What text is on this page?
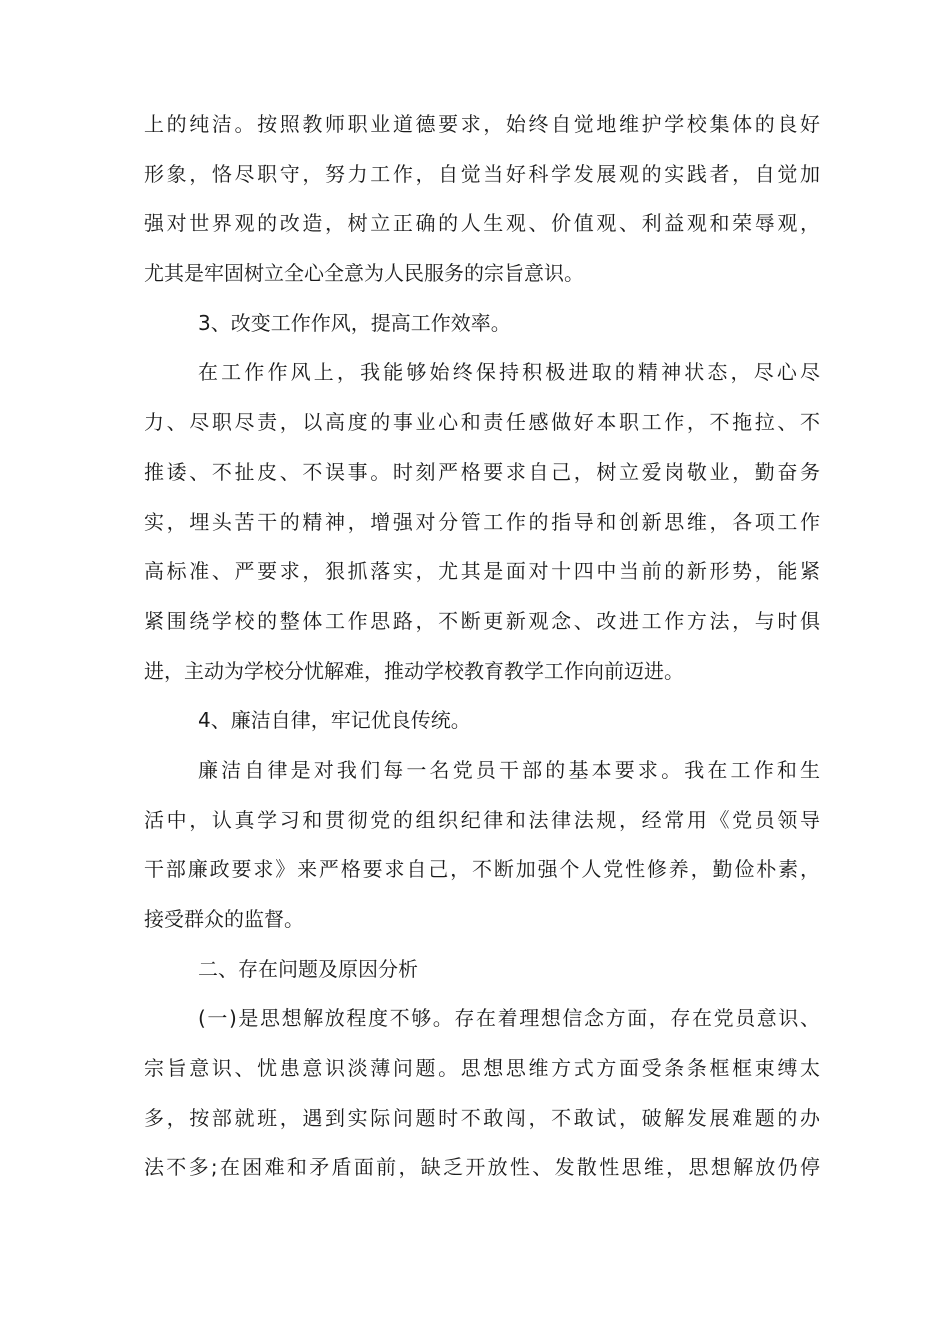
上的纯洁。按照教师职业道德要求，始终自觉地维护学校集体的良好
形象，恪尽职守，努力工作，自觉当好科学发展观的实践者，自觉加
强对世界观的改造，树立正确的人生观、价值观、利益观和荣辱观，
尤其是牢固树立全心全意为人民服务的宗旨意识。
3、改变工作作风，提高工作效率。
在工作作风上，我能够始终保持积极进取的精神状态，尽心尽
力、尽职尽责，以高度的事业心和责任感做好本职工作，不拖拉、不
推诿、不扯皮、不误事。时刻严格要求自己，树立爱岗敬业，勤奋务
实，埋头苦干的精神，增强对分管工作的指导和创新思维，各项工作
高标准、严要求，狠抓落实，尤其是面对十四中当前的新形势，能紧
紧围绕学校的整体工作思路，不断更新观念、改进工作方法，与时俱
进，主动为学校分忧解难，推动学校教育教学工作向前迈进。
4、廉洁自律，牢记优良传统。
廉洁自律是对我们每一名党员干部的基本要求。我在工作和生
活中，认真学习和贯彻党的组织纪律和法律法规，经常用《党员领导
干部廉政要求》来严格要求自己，不断加强个人党性修养，勤俭朴素，
接受群众的监督。
二、存在问题及原因分析
(一)是思想解放程度不够。存在着理想信念方面，存在党员意识、
宗旨意识、忧患意识淡薄问题。思想思维方式方面受条条框框束缚太
多，按部就班，遇到实际问题时不敢闯，不敢试，破解发展难题的办
法不多;在困难和矛盾面前，缺乏开放性、发散性思维，思想解放仍停
